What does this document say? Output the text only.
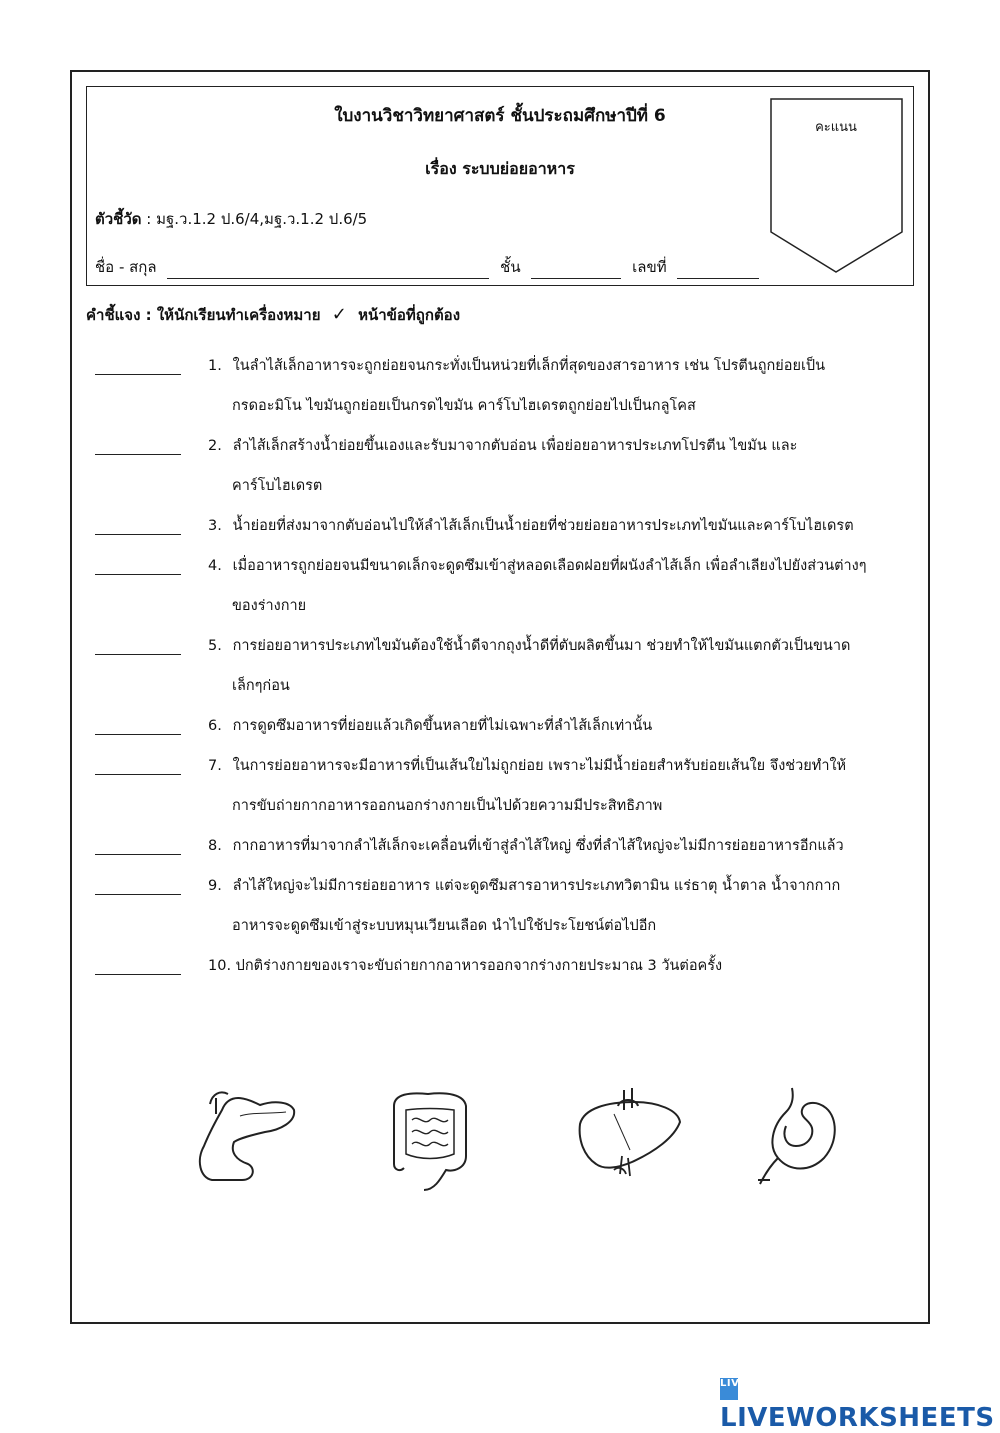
ใบงานวิชาวิทยาศาสตร์ ชั้นประถมศึกษาปีที่ 6
เรื่อง ระบบย่อยอาหาร
ตัวชี้วัด : มฐ.ว.1.2 ป.6/4,มฐ.ว.1.2 ป.6/5
ชื่อ - สกุล	ชั้น	เลขที่
คะแนน
คำชี้แจง : ให้นักเรียนทำเครื่องหมาย ✓ หน้าข้อที่ถูกต้อง
1. ในลำไส้เล็กอาหารจะถูกย่อยจนกระทั่งเป็นหน่วยที่เล็กที่สุดของสารอาหาร เช่น โปรตีนถูกย่อยเป็น
กรดอะมิโน ไขมันถูกย่อยเป็นกรดไขมัน คาร์โบไฮเดรตถูกย่อยไปเป็นกลูโคส
2. ลำไส้เล็กสร้างน้ำย่อยขึ้นเองและรับมาจากตับอ่อน เพื่อย่อยอาหารประเภทโปรตีน ไขมัน และ
คาร์โบไฮเดรต
3. น้ำย่อยที่ส่งมาจากตับอ่อนไปให้ลำไส้เล็กเป็นน้ำย่อยที่ช่วยย่อยอาหารประเภทไขมันและคาร์โบไฮเดรต
4. เมื่ออาหารถูกย่อยจนมีขนาดเล็กจะดูดซึมเข้าสู่หลอดเลือดฝอยที่ผนังลำไส้เล็ก เพื่อลำเลียงไปยังส่วนต่างๆ
ของร่างกาย
5. การย่อยอาหารประเภทไขมันต้องใช้น้ำดีจากถุงน้ำดีที่ตับผลิตขึ้นมา ช่วยทำให้ไขมันแตกตัวเป็นขนาด
เล็กๆก่อน
6. การดูดซึมอาหารที่ย่อยแล้วเกิดขึ้นหลายที่ไม่เฉพาะที่ลำไส้เล็กเท่านั้น
7. ในการย่อยอาหารจะมีอาหารที่เป็นเส้นใยไม่ถูกย่อย เพราะไม่มีน้ำย่อยสำหรับย่อยเส้นใย จึงช่วยทำให้
การขับถ่ายกากอาหารออกนอกร่างกายเป็นไปด้วยความมีประสิทธิภาพ
8. กากอาหารที่มาจากลำไส้เล็กจะเคลื่อนที่เข้าสู่ลำไส้ใหญ่ ซึ่งที่ลำไส้ใหญ่จะไม่มีการย่อยอาหารอีกแล้ว
9. ลำไส้ใหญ่จะไม่มีการย่อยอาหาร แต่จะดูดซึมสารอาหารประเภทวิตามิน แร่ธาตุ น้ำตาล น้ำจากกาก
อาหารจะดูดซึมเข้าสู่ระบบหมุนเวียนเลือด นำไปใช้ประโยชน์ต่อไปอีก
10. ปกติร่างกายของเราจะขับถ่ายกากอาหารออกจากร่างกายประมาณ 3 วันต่อครั้ง
LIVELIVEWORKSHEETS
